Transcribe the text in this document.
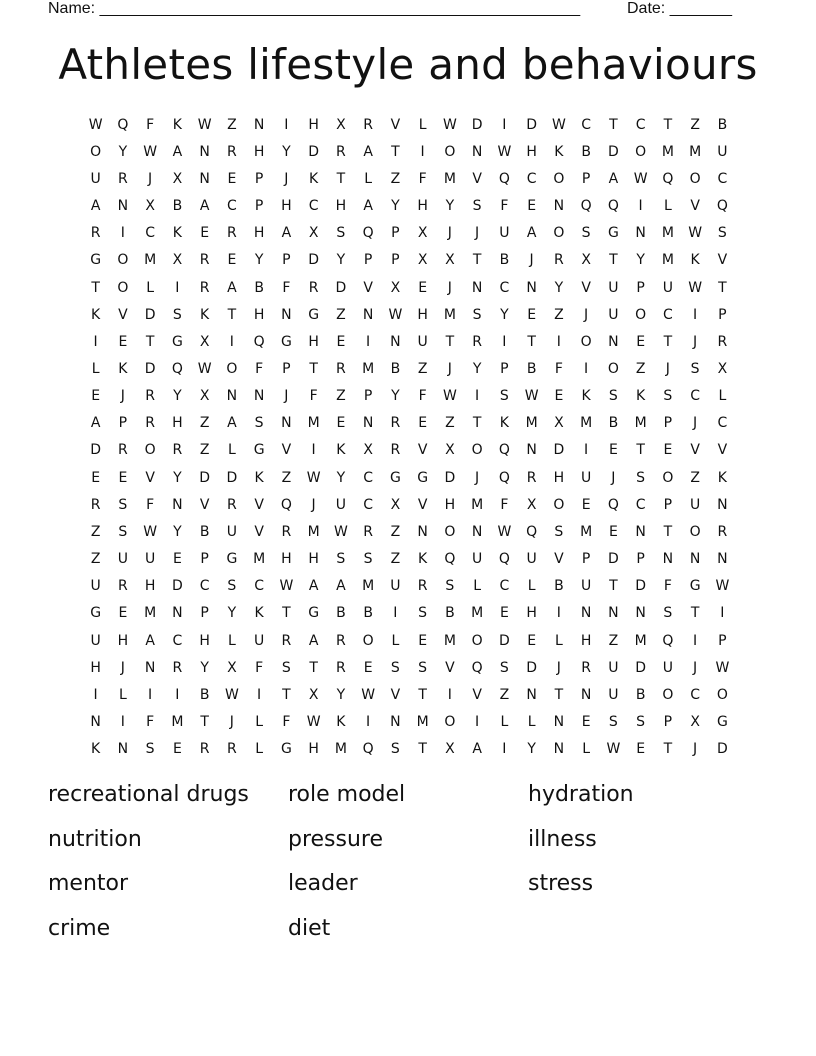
Name: ______________________________________________________

	Date: _______

Athletes lifestyle and behaviours
W	Q	F	K	W	Z	N	I	H	X	R	V	L	W	D	I	D	W	C	T	C	T	Z	B
O	Y	W	A	N	R	H	Y	D	R	A	T	I	O	N	W	H	K	B	D	O	M	M	U
U	R	J	X	N	E	P	J	K	T	L	Z	F	M	V	Q	C	O	P	A	W	Q	O	C
A	N	X	B	A	C	P	H	C	H	A	Y	H	Y	S	F	E	N	Q	Q	I	L	V	Q
R	I	C	K	E	R	H	A	X	S	Q	P	X	J	J	U	A	O	S	G	N	M	W	S
G	O	M	X	R	E	Y	P	D	Y	P	P	X	X	T	B	J	R	X	T	Y	M	K	V
T	O	L	I	R	A	B	F	R	D	V	X	E	J	N	C	N	Y	V	U	P	U	W	T
K	V	D	S	K	T	H	N	G	Z	N	W	H	M	S	Y	E	Z	J	U	O	C	I	P
I	E	T	G	X	I	Q	G	H	E	I	N	U	T	R	I	T	I	O	N	E	T	J	R
L	K	D	Q	W	O	F	P	T	R	M	B	Z	J	Y	P	B	F	I	O	Z	J	S	X
E	J	R	Y	X	N	N	J	F	Z	P	Y	F	W	I	S	W	E	K	S	K	S	C	L
A	P	R	H	Z	A	S	N	M	E	N	R	E	Z	T	K	M	X	M	B	M	P	J	C
D	R	O	R	Z	L	G	V	I	K	X	R	V	X	O	Q	N	D	I	E	T	E	V	V
E	E	V	Y	D	D	K	Z	W	Y	C	G	G	D	J	Q	R	H	U	J	S	O	Z	K
R	S	F	N	V	R	V	Q	J	U	C	X	V	H	M	F	X	O	E	Q	C	P	U	N
Z	S	W	Y	B	U	V	R	M	W	R	Z	N	O	N	W	Q	S	M	E	N	T	O	R
Z	U	U	E	P	G	M	H	H	S	S	Z	K	Q	U	Q	U	V	P	D	P	N	N	N
U	R	H	D	C	S	C	W	A	A	M	U	R	S	L	C	L	B	U	T	D	F	G	W
G	E	M	N	P	Y	K	T	G	B	B	I	S	B	M	E	H	I	N	N	N	S	T	I
U	H	A	C	H	L	U	R	A	R	O	L	E	M	O	D	E	L	H	Z	M	Q	I	P
H	J	N	R	Y	X	F	S	T	R	E	S	S	V	Q	S	D	J	R	U	D	U	J	W
I	L	I	I	B	W	I	T	X	Y	W	V	T	I	V	Z	N	T	N	U	B	O	C	O
N	I	F	M	T	J	L	F	W	K	I	N	M	O	I	L	L	N	E	S	S	P	X	G
K	N	S	E	R	R	L	G	H	M	Q	S	T	X	A	I	Y	N	L	W	E	T	J	D
recreational drugs	role model	hydration
nutrition	pressure	illness
mentor	leader	stress
crime	diet
